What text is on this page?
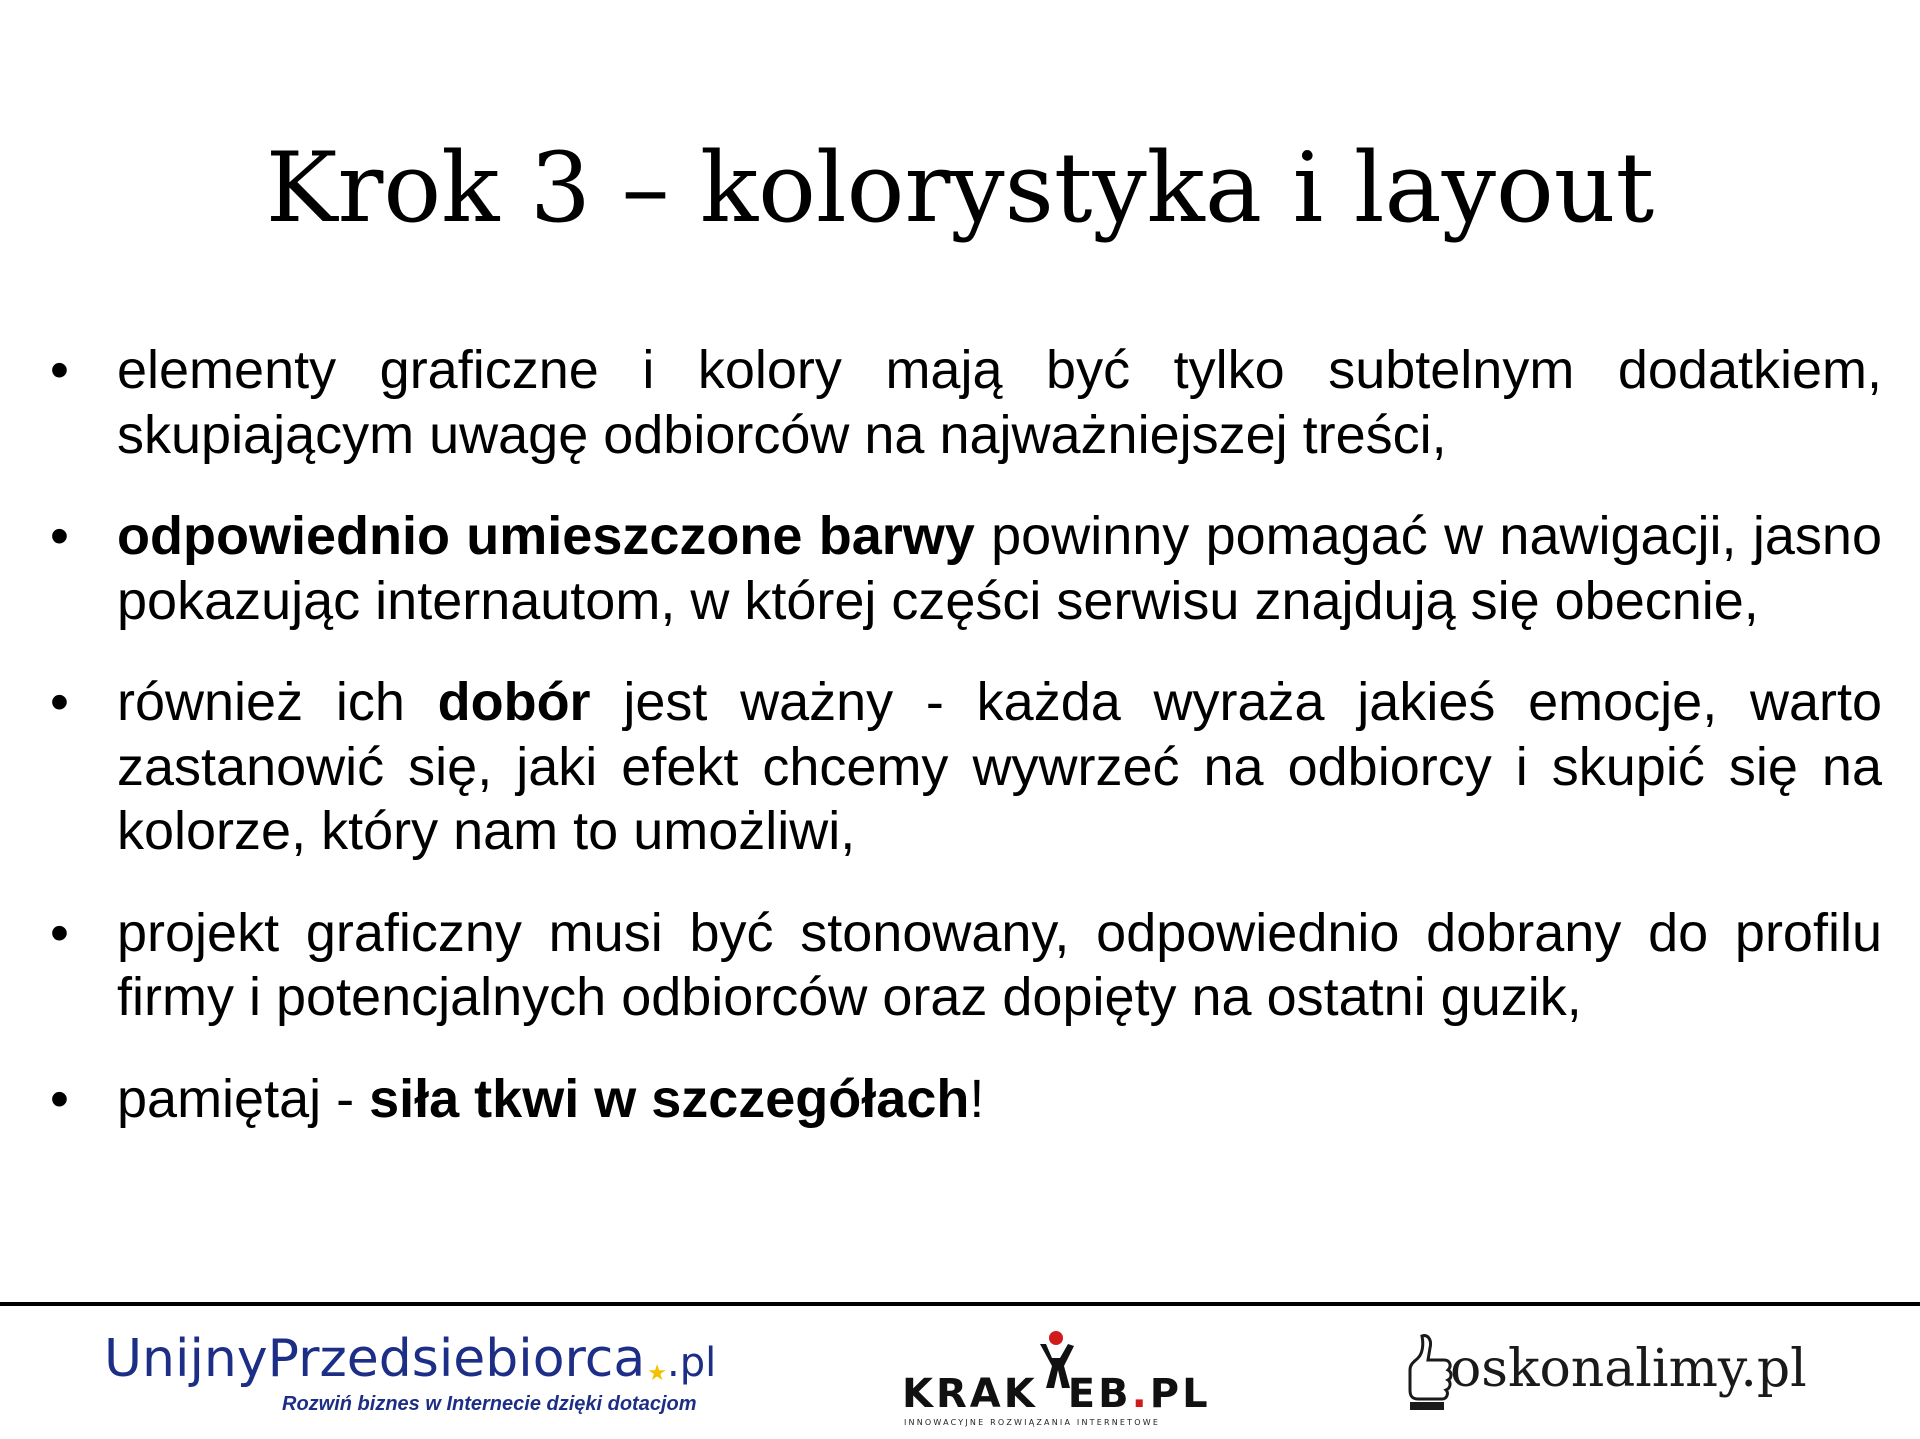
Krok 3 – kolorystyka i layout
• elementy graficzne i kolory mają być tylko subtelnym dodatkiem, skupiającym uwagę odbiorców na najważniejszej treści,
• odpowiednio umieszczone barwy powinny pomagać w nawigacji, jasno pokazując internautom, w której części serwisu znajdują się obecnie,
• również ich dobór jest ważny - każda wyraża jakieś emocje, warto zastanowić się, jaki efekt chcemy wywrzeć na odbiorcy i skupić się na kolorze, który nam to umożliwi,
• projekt graficzny musi być stonowany, odpowiednio dobrany do profilu firmy i potencjalnych odbiorców oraz dopięty na ostatni guzik,
• pamiętaj - siła tkwi w szczegółach!
UnijnyPrzedsiebiorca★.pl
Rozwiń biznes w Internecie dzięki dotacjom	KRAK EB.PL
INNOWACYJNE ROZWIĄZANIA INTERNETOWE
oskonalimy.pl
